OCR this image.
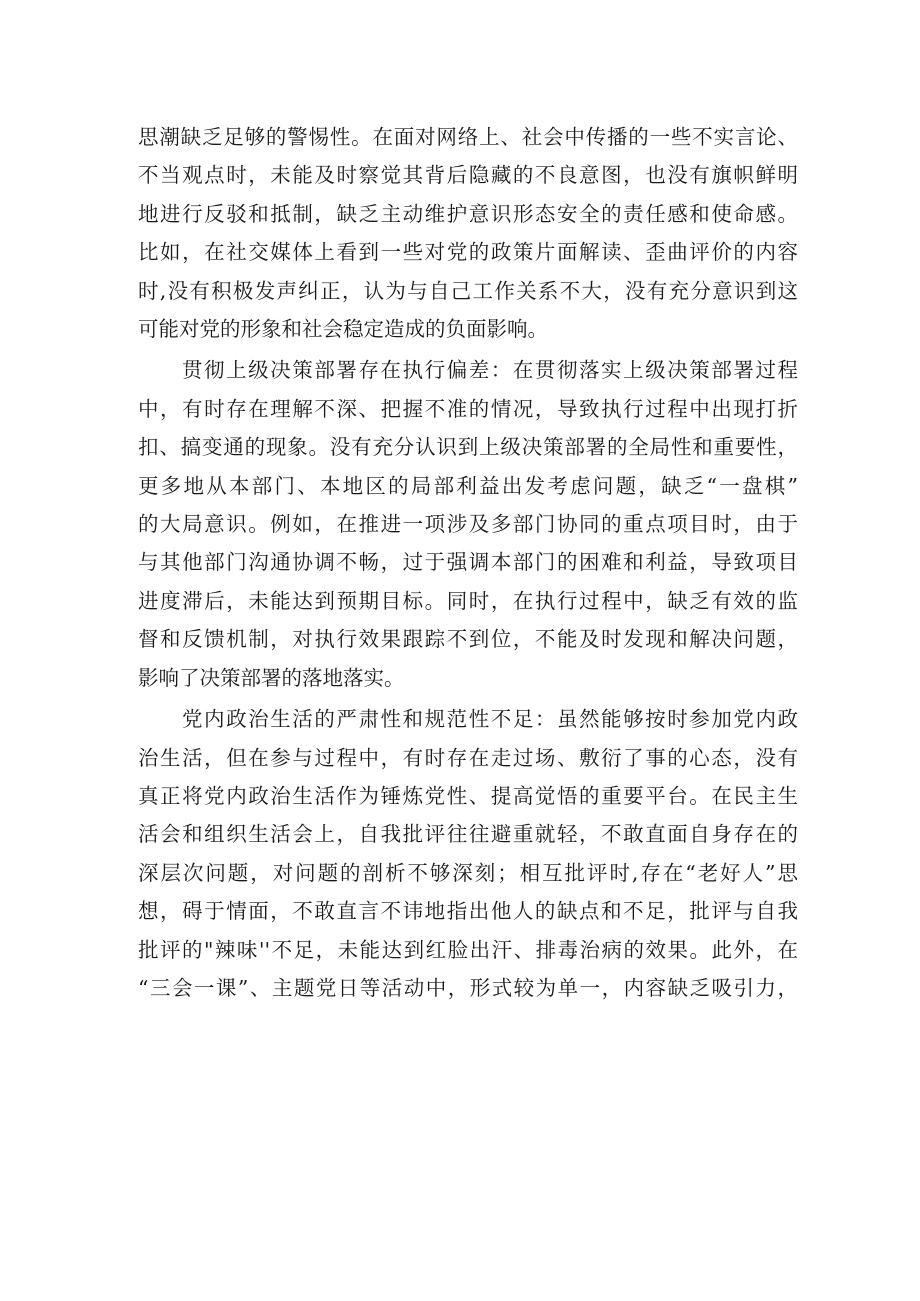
思潮缺乏足够的警惕性。在面对网络上、社会中传播的一些不实言论、
不当观点时，未能及时察觉其背后隐藏的不良意图，也没有旗帜鲜明
地进行反驳和抵制，缺乏主动维护意识形态安全的责任感和使命感。
比如，在社交媒体上看到一些对党的政策片面解读、歪曲评价的内容
时,没有积极发声纠正，认为与自己工作关系不大，没有充分意识到这
可能对党的形象和社会稳定造成的负面影响。

贯彻上级决策部署存在执行偏差：在贯彻落实上级决策部署过程
中，有时存在理解不深、把握不准的情况，导致执行过程中出现打折
扣、搞变通的现象。没有充分认识到上级决策部署的全局性和重要性，
更多地从本部门、本地区的局部利益出发考虑问题，缺乏“一盘棋”
的大局意识。例如，在推进一项涉及多部门协同的重点项目时，由于
与其他部门沟通协调不畅，过于强调本部门的困难和利益，导致项目
进度滞后，未能达到预期目标。同时，在执行过程中，缺乏有效的监
督和反馈机制，对执行效果跟踪不到位，不能及时发现和解决问题，
影响了决策部署的落地落实。

党内政治生活的严肃性和规范性不足：虽然能够按时参加党内政
治生活，但在参与过程中，有时存在走过场、敷衍了事的心态，没有
真正将党内政治生活作为锤炼党性、提高觉悟的重要平台。在民主生
活会和组织生活会上，自我批评往往避重就轻，不敢直面自身存在的
深层次问题，对问题的剖析不够深刻；相互批评时,存在“老好人”思
想，碍于情面，不敢直言不讳地指出他人的缺点和不足，批评与自我
批评的"辣味''不足，未能达到红脸出汗、排毒治病的效果。此外，在
“三会一课”、主题党日等活动中，形式较为单一，内容缺乏吸引力，
